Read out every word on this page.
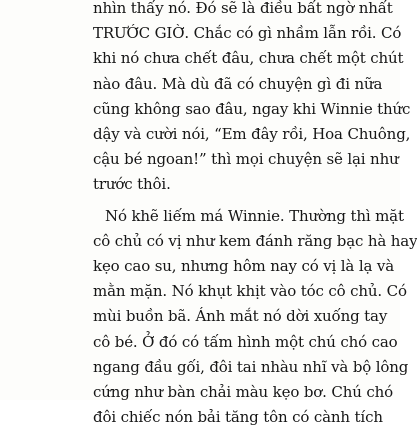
nhìn thấy nó. Đó sẽ là điều bất ngờ nhất
TRƯỚC GIỜ. Chắc có gì nhầm lẫn rồi. Có
khi nó chưa chết đâu, chưa chết một chút
nào đâu. Mà dù đã có chuyện gì đi nữa
cũng không sao đâu, ngay khi Winnie thức
dậy và cười nói, “Em đây rồi, Hoa Chuông,
cậu bé ngoan!” thì mọi chuyện sẽ lại như
trước thôi.

Nó khẽ liếm má Winnie. Thường thì mặt
cô chủ có vị như kem đánh răng bạc hà hay
kẹo cao su, nhưng hôm nay có vị là lạ và
mằn mặn. Nó khụt khịt vào tóc cô chủ. Có
mùi buồn bã. Ánh mắt nó dời xuống tay
cô bé. Ở đó có tấm hình một chú chó cao
ngang đầu gối, đôi tai nhàu nhĩ và bộ lông
cứng như bàn chải màu kẹo bơ. Chú chó
đôi chiếc nón bải tăng tôn có cành tích
